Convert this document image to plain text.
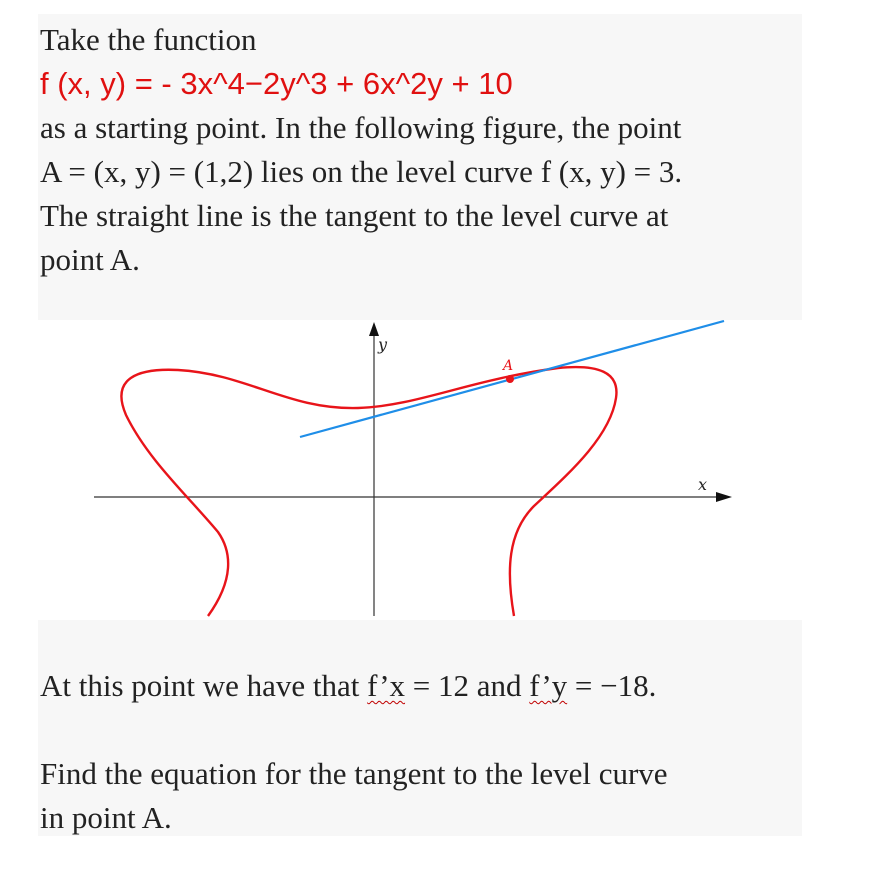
Take the function

f (x, y) = - 3x^4−2y^3 + 6x^2y + 10

as a starting point. In the following figure, the point

A = (x, y) = (1,2) lies on the level curve f (x, y) = 3.

The straight line is the tangent to the level curve at

point A.

y
x
A

At this point we have that f’x = 12 and f’y = −18.

Find the equation for the tangent to the level curve

in point A.
